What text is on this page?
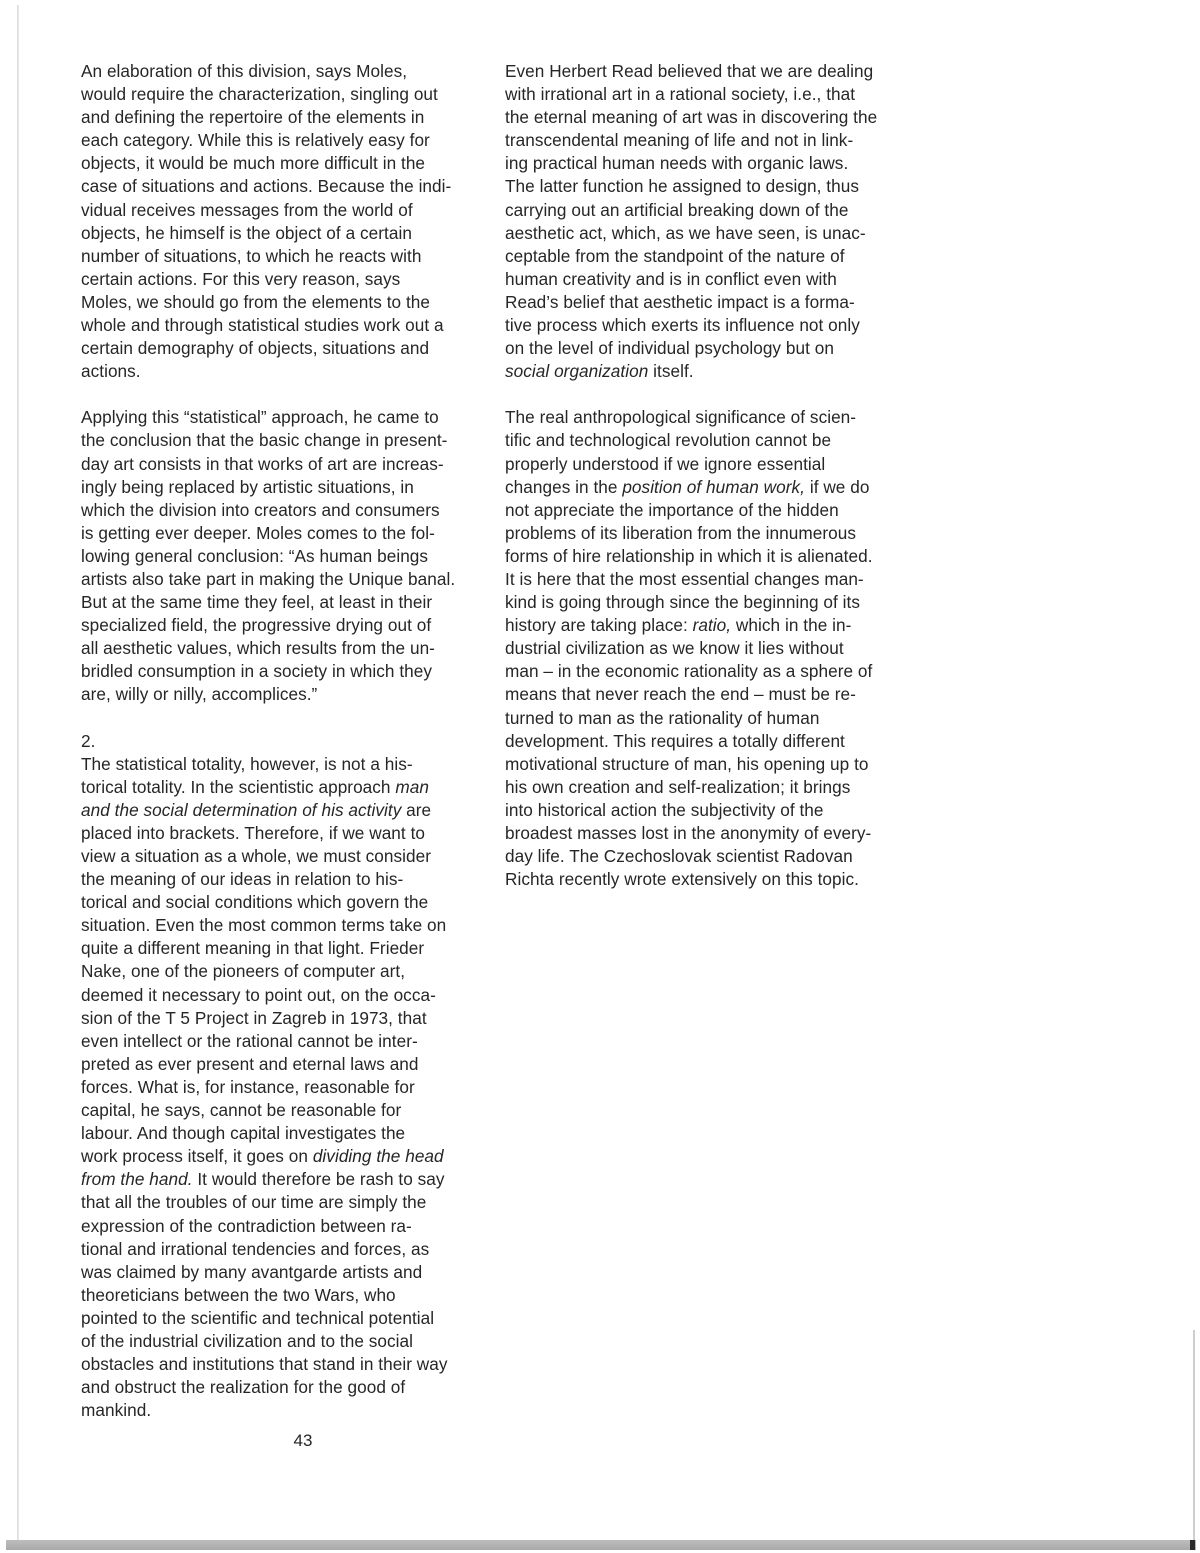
An elaboration of this division, says Moles,
would require the characterization, singling out
and defining the repertoire of the elements in
each category. While this is relatively easy for
objects, it would be much more difficult in the
case of situations and actions. Because the indi-
vidual receives messages from the world of
objects, he himself is the object of a certain
number of situations, to which he reacts with
certain actions. For this very reason, says
Moles, we should go from the elements to the
whole and through statistical studies work out a
certain demography of objects, situations and
actions.

Applying this “statistical” approach, he came to
the conclusion that the basic change in present-
day art consists in that works of art are increas-
ingly being replaced by artistic situations, in
which the division into creators and consumers
is getting ever deeper. Moles comes to the fol-
lowing general conclusion: “As human beings
artists also take part in making the Unique banal.
But at the same time they feel, at least in their
specialized field, the progressive drying out of
all aesthetic values, which results from the un-
bridled consumption in a society in which they
are, willy or nilly, accomplices.”

2.
The statistical totality, however, is not a his-
torical totality. In the scientistic approach man
and the social determination of his activity are
placed into brackets. Therefore, if we want to
view a situation as a whole, we must consider
the meaning of our ideas in relation to his-
torical and social conditions which govern the
situation. Even the most common terms take on
quite a different meaning in that light. Frieder
Nake, one of the pioneers of computer art,
deemed it necessary to point out, on the occa-
sion of the T 5 Project in Zagreb in 1973, that
even intellect or the rational cannot be inter-
preted as ever present and eternal laws and
forces. What is, for instance, reasonable for
capital, he says, cannot be reasonable for
labour. And though capital investigates the
work process itself, it goes on dividing the head
from the hand. It would therefore be rash to say
that all the troubles of our time are simply the
expression of the contradiction between ra-
tional and irrational tendencies and forces, as
was claimed by many avantgarde artists and
theoreticians between the two Wars, who
pointed to the scientific and technical potential
of the industrial civilization and to the social
obstacles and institutions that stand in their way
and obstruct the realization for the good of
mankind.

Even Herbert Read believed that we are dealing
with irrational art in a rational society, i.e., that
the eternal meaning of art was in discovering the
transcendental meaning of life and not in link-
ing practical human needs with organic laws.
The latter function he assigned to design, thus
carrying out an artificial breaking down of the
aesthetic act, which, as we have seen, is unac-
ceptable from the standpoint of the nature of
human creativity and is in conflict even with
Read’s belief that aesthetic impact is a forma-
tive process which exerts its influence not only
on the level of individual psychology but on
social organization itself.

The real anthropological significance of scien-
tific and technological revolution cannot be
properly understood if we ignore essential
changes in the position of human work, if we do
not appreciate the importance of the hidden
problems of its liberation from the innumerous
forms of hire relationship in which it is alienated.
It is here that the most essential changes man-
kind is going through since the beginning of its
history are taking place: ratio, which in the in-
dustrial civilization as we know it lies without
man – in the economic rationality as a sphere of
means that never reach the end – must be re-
turned to man as the rationality of human
development. This requires a totally different
motivational structure of man, his opening up to
his own creation and self-realization; it brings
into historical action the subjectivity of the
broadest masses lost in the anonymity of every-
day life. The Czechoslovak scientist Radovan
Richta recently wrote extensively on this topic.

43
